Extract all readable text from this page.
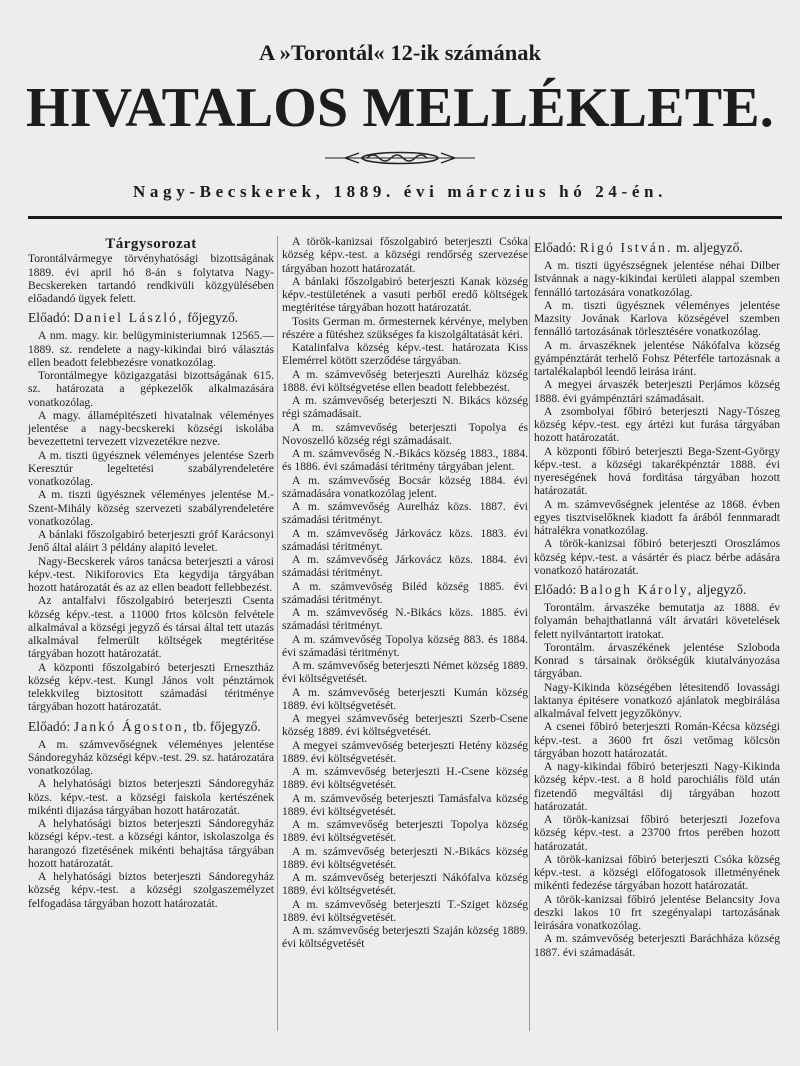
A »Torontál« 12-ik számának
HIVATALOS MELLÉKLETE.
Nagy-Becskerek, 1889. évi márczius hó 24-én.
Tárgysorozat

Torontálvármegye törvényhatósági bizottságának 1889. évi april hó 8-án s folytatva Nagy-Becskereken tartandó rendkivüli közgyülésében előadandó ügyek felett.

Előadó: Daniel László, főjegyző.

A nm. magy. kir. belügyministeriumnak 12565.—1889. sz. rendelete a nagy-kikindai biró választás ellen beadott felebbezésre vonatkozólag.

Torontálmegye közigazgatási bizottságának 615. sz. határozata a gépkezelők alkalmazására vonatkozólag.

A magy. államépitészeti hivatalnak véleményes jelentése a nagy-becskereki községi iskolába bevezettetni tervezett vizvezetékre nezve.

A m. tiszti ügyésznek véleményes jelentése Szerb Keresztúr legeltetési szabályrendeletére vonatkozólag.

A m. tiszti ügyésznek véleményes jelentése M.-Szent-Mihály község szervezeti szabályrendeletére vonatkozólag.

A bánlaki főszolgabiró beterjeszti gróf Karácsonyi Jenő által aláirt 3 példány alapitó levelet.

Nagy-Becskerek város tanácsa beterjeszti a városi képv.-test. Nikiforovics Eta kegydija tárgyában hozott határozatát és az az ellen beadott fellebbezést.

Az antalfalvi főszolgabiró beterjeszti Csenta község képv.-test. a 11000 frtos kölcsön felvétele alkalmával a községi jegyző és társai által tett utazás alkalmával felmerült költségek megtéritése tárgyában hozott határozatát.

A központi főszolgabiró beterjeszti Ernesztház község képv.-test. Kungl János volt pénztárnok telekkvileg biztositott számadási téritménye tárgyában hozott határozatát.

Előadó: Jankó Ágoston, tb. főjegyző.

A m. számvevőségnek véleményes jelentése Sándoregyház községi képv.-test. 29. sz. határozatára vonatkozólag.

A helyhatósági biztos beterjeszti Sándoregyház közs. képv.-test. a községi faiskola kertészének mikénti dijazása tárgyában hozott határozatát.

A helyhatósági biztos beterjeszti Sándoregyház községi képv.-test. a községi kántor, iskolaszolga és harangozó fizetésének mikénti behajtása tárgyában hozott határozatát.

A helyhatósági biztos beterjeszti Sándoregyház község képv.-test. a községi szolgaszemélyzet felfogadása tárgyában hozott határozatát.

A török-kanizsai főszolgabiró beterjeszti Csóka község képv.-test. a községi rendőrség szervezése tárgyában hozott határozatát.

A bánlaki főszolgabiró beterjeszti Kanak község képv.-testületének a vasuti perből eredő költségek megtéritése tárgyában hozott határozatát.

Tosits German m. őrmesternek kérvénye, melyben részére a fütéshez szükséges fa kiszolgáltatását kéri.

Katalinfalva község képv.-test. határozata Kiss Elemérrel kötött szerződése tárgyában.

A m. számvevőség beterjeszti Aurelház község 1888. évi költségvetése ellen beadott felebbezést.

A m. számvevőség beterjeszti N. Bikács község régi számadásait.

A m. számvevőség beterjeszti Topolya és Novoszelló község régi számadásait.

A m. számvevőség N.-Bikács község 1883., 1884. és 1886. évi számadási téritmény tárgyában jelent.

A m. számvevőség Bocsár község 1884. évi számadására vonatkozólag jelent.

A m. számvevőség Aurelház közs. 1887. évi számadási téritményt.

A m. számvevőség Járkovácz közs. 1883. évi számadási téritményt.

A m. számvevőség Járkovácz közs. 1884. évi számadási téritményt.

A m. számvevőség Biléd község 1885. évi számadási téritményt.

A m. számvevőség N.-Bikács közs. 1885. évi számadási téritményt.

A m. számvevőség Topolya község 883. és 1884. évi számadási téritményt.

A m. számvevőség beterjeszti Német község 1889. évi költségvetését.

A m. számvevőség beterjeszti Kumán község 1889. évi költségvetését.

A megyei számvevőség beterjeszti Szerb-Csene község 1889. évi költségvetését.

A megyei számvevőség beterjeszti Hetény község 1889. évi költségvetését.

A m. számvevőség beterjeszti H.-Csene község 1889. évi költségvetését.

A m. számvevőség beterjeszti Tamásfalva község 1889. évi költségvetését.

A m. számvevőség beterjeszti Topolya község 1889. évi költségvetését.

A m. számvevőség beterjeszti N.-Bikács község 1889. évi költségvetését.

A m. számvevőség beterjeszti Nákófalva község 1889. évi költségvetését.

A m. számvevőség beterjeszti T.-Sziget község 1889. évi költségvetését.

A m. számvevőség beterjeszti Szaján község 1889. évi költségvetését

Előadó: Rigó István. m. aljegyző.

A m. tiszti ügyészségnek jelentése néhai Dilber Istvánnak a nagy-kikindai kerületi alappal szemben fennálló tartozására vonatkozólag.

A m. tiszti ügyésznek véleményes jelentése Mazsity Jovának Karlova községével szemben fennálló tartozásának törlesztésére vonatkozólag.

A m. árvaszéknek jelentése Nákófalva község gyámpénztárát terhelő Fohsz Péterféle tartozásnak a tartalékalapból leendő leirása iránt.

A megyei árvaszék beterjeszti Perjámos község 1888. évi gyámpénztári számadásait.

A zsombolyai főbiró beterjeszti Nagy-Tószeg község képv.-test. egy ártézi kut furása tárgyában hozott határozatát.

A központi főbiró beterjeszti Bega-Szent-György képv.-test. a községi takarékpénztár 1888. évi nyereségének hová forditása tárgyában hozott határozatát.

A m. számvevőségnek jelentése az 1868. évben egyes tisztviselőknek kiadott fa árából fennmaradt hátralékra vonatkozólag.

A török-kanizsai főbiró beterjeszti Oroszlámos község képv.-test. a vásártér és piacz bérbe adására vonatkozó határozatát.

Előadó: Balogh Károly, aljegyző.

Torontálm. árvaszéke bemutatja az 1888. év folyamán behajthatlanná vált árvatári követelések felett nyilvántartott iratokat.

Torontálm. árvaszékének jelentése Szloboda Konrad s társainak örökségük kiutalványozása tárgyában.

Nagy-Kikinda községében létesitendő lovassági laktanya épitésere vonatkozó ajánlatok megbirálása alkalmával felvett jegyzőkönyv.

A csenei főbiró beterjeszti Román-Kécsa községi képv.-test. a 3600 frt őszi vetőmag kölcsön tárgyában hozott határozatát.

A nagy-kikindai főbiró beterjeszti Nagy-Kikinda község képv.-test. a 8 hold parochiális föld után fizetendő megváltási dij tárgyában hozott határozatát.

A török-kanizsai főbiró beterjeszti Jozefova község képv.-test. a 23700 frtos perében hozott határozatát.

A török-kanizsai főbiró beterjeszti Csóka község képv.-test. a községi előfogatosok illetményének mikénti fedezése tárgyában hozott határozatát.

A török-kanizsai főbiró jelentése Belancsity Jova deszki lakos 10 frt szegényalapi tartozásának leirására vonatkozólag.

A m. számvevőség beterjeszti Baráchháza község 1887. évi számadását.
